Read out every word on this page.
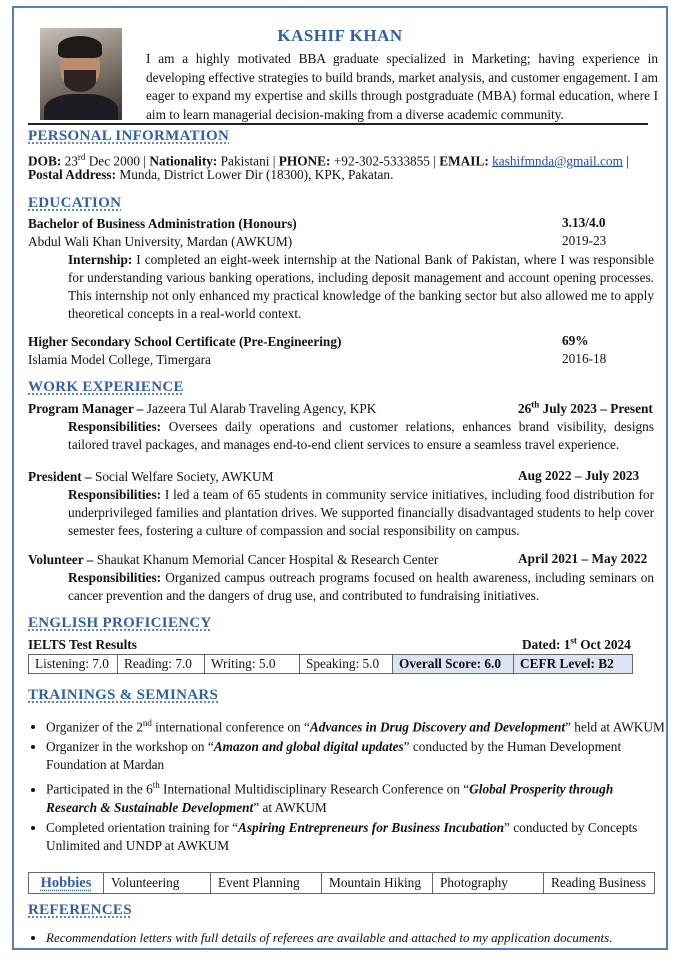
KASHIF KHAN
I am a highly motivated BBA graduate specialized in Marketing; having experience in developing effective strategies to build brands, market analysis, and customer engagement. I am eager to expand my expertise and skills through postgraduate (MBA) formal education, where I aim to learn managerial decision-making from a diverse academic community.
PERSONAL INFORMATION
DOB: 23rd Dec 2000 | Nationality: Pakistani | PHONE: +92-302-5333855 | EMAIL: kashifmnda@gmail.com |
Postal Address: Munda, District Lower Dir (18300), KPK, Pakatan.
EDUCATION
Bachelor of Business Administration (Honours)	3.13/4.0
Abdul Wali Khan University, Mardan (AWKUM)	2019-23
Internship: I completed an eight-week internship at the National Bank of Pakistan, where I was responsible for understanding various banking operations, including deposit management and account opening processes. This internship not only enhanced my practical knowledge of the banking sector but also allowed me to apply theoretical concepts in a real-world context.
Higher Secondary School Certificate (Pre-Engineering)	69%
Islamia Model College, Timergara	2016-18
WORK EXPERIENCE
Program Manager – Jazeera Tul Alarab Traveling Agency, KPK	26th July 2023 – Present
Responsibilities: Oversees daily operations and customer relations, enhances brand visibility, designs tailored travel packages, and manages end-to-end client services to ensure a seamless travel experience.
President – Social Welfare Society, AWKUM	Aug 2022 – July 2023
Responsibilities: I led a team of 65 students in community service initiatives, including food distribution for underprivileged families and plantation drives. We supported financially disadvantaged students to help cover semester fees, fostering a culture of compassion and social responsibility on campus.
Volunteer – Shaukat Khanum Memorial Cancer Hospital & Research Center	April 2021 – May 2022
Responsibilities: Organized campus outreach programs focused on health awareness, including seminars on cancer prevention and the dangers of drug use, and contributed to fundraising initiatives.
ENGLISH PROFICIENCY
IELTS Test Results	Dated: 1st Oct 2024
Listening: 7.0	Reading: 7.0	Writing: 5.0	Speaking: 5.0	Overall Score: 6.0	CEFR Level: B2
TRAININGS & SEMINARS
• Organizer of the 2nd international conference on “Advances in Drug Discovery and Development” held at AWKUM
• Organizer in the workshop on “Amazon and global digital updates” conducted by the Human Development Foundation at Mardan
• Participated in the 6th International Multidisciplinary Research Conference on “Global Prosperity through Research & Sustainable Development” at AWKUM
• Completed orientation training for “Aspiring Entrepreneurs for Business Incubation” conducted by Concepts Unlimited and UNDP at AWKUM
Hobbies	Volunteering	Event Planning	Mountain Hiking	Photography	Reading Business
REFERENCES
• Recommendation letters with full details of referees are available and attached to my application documents.
